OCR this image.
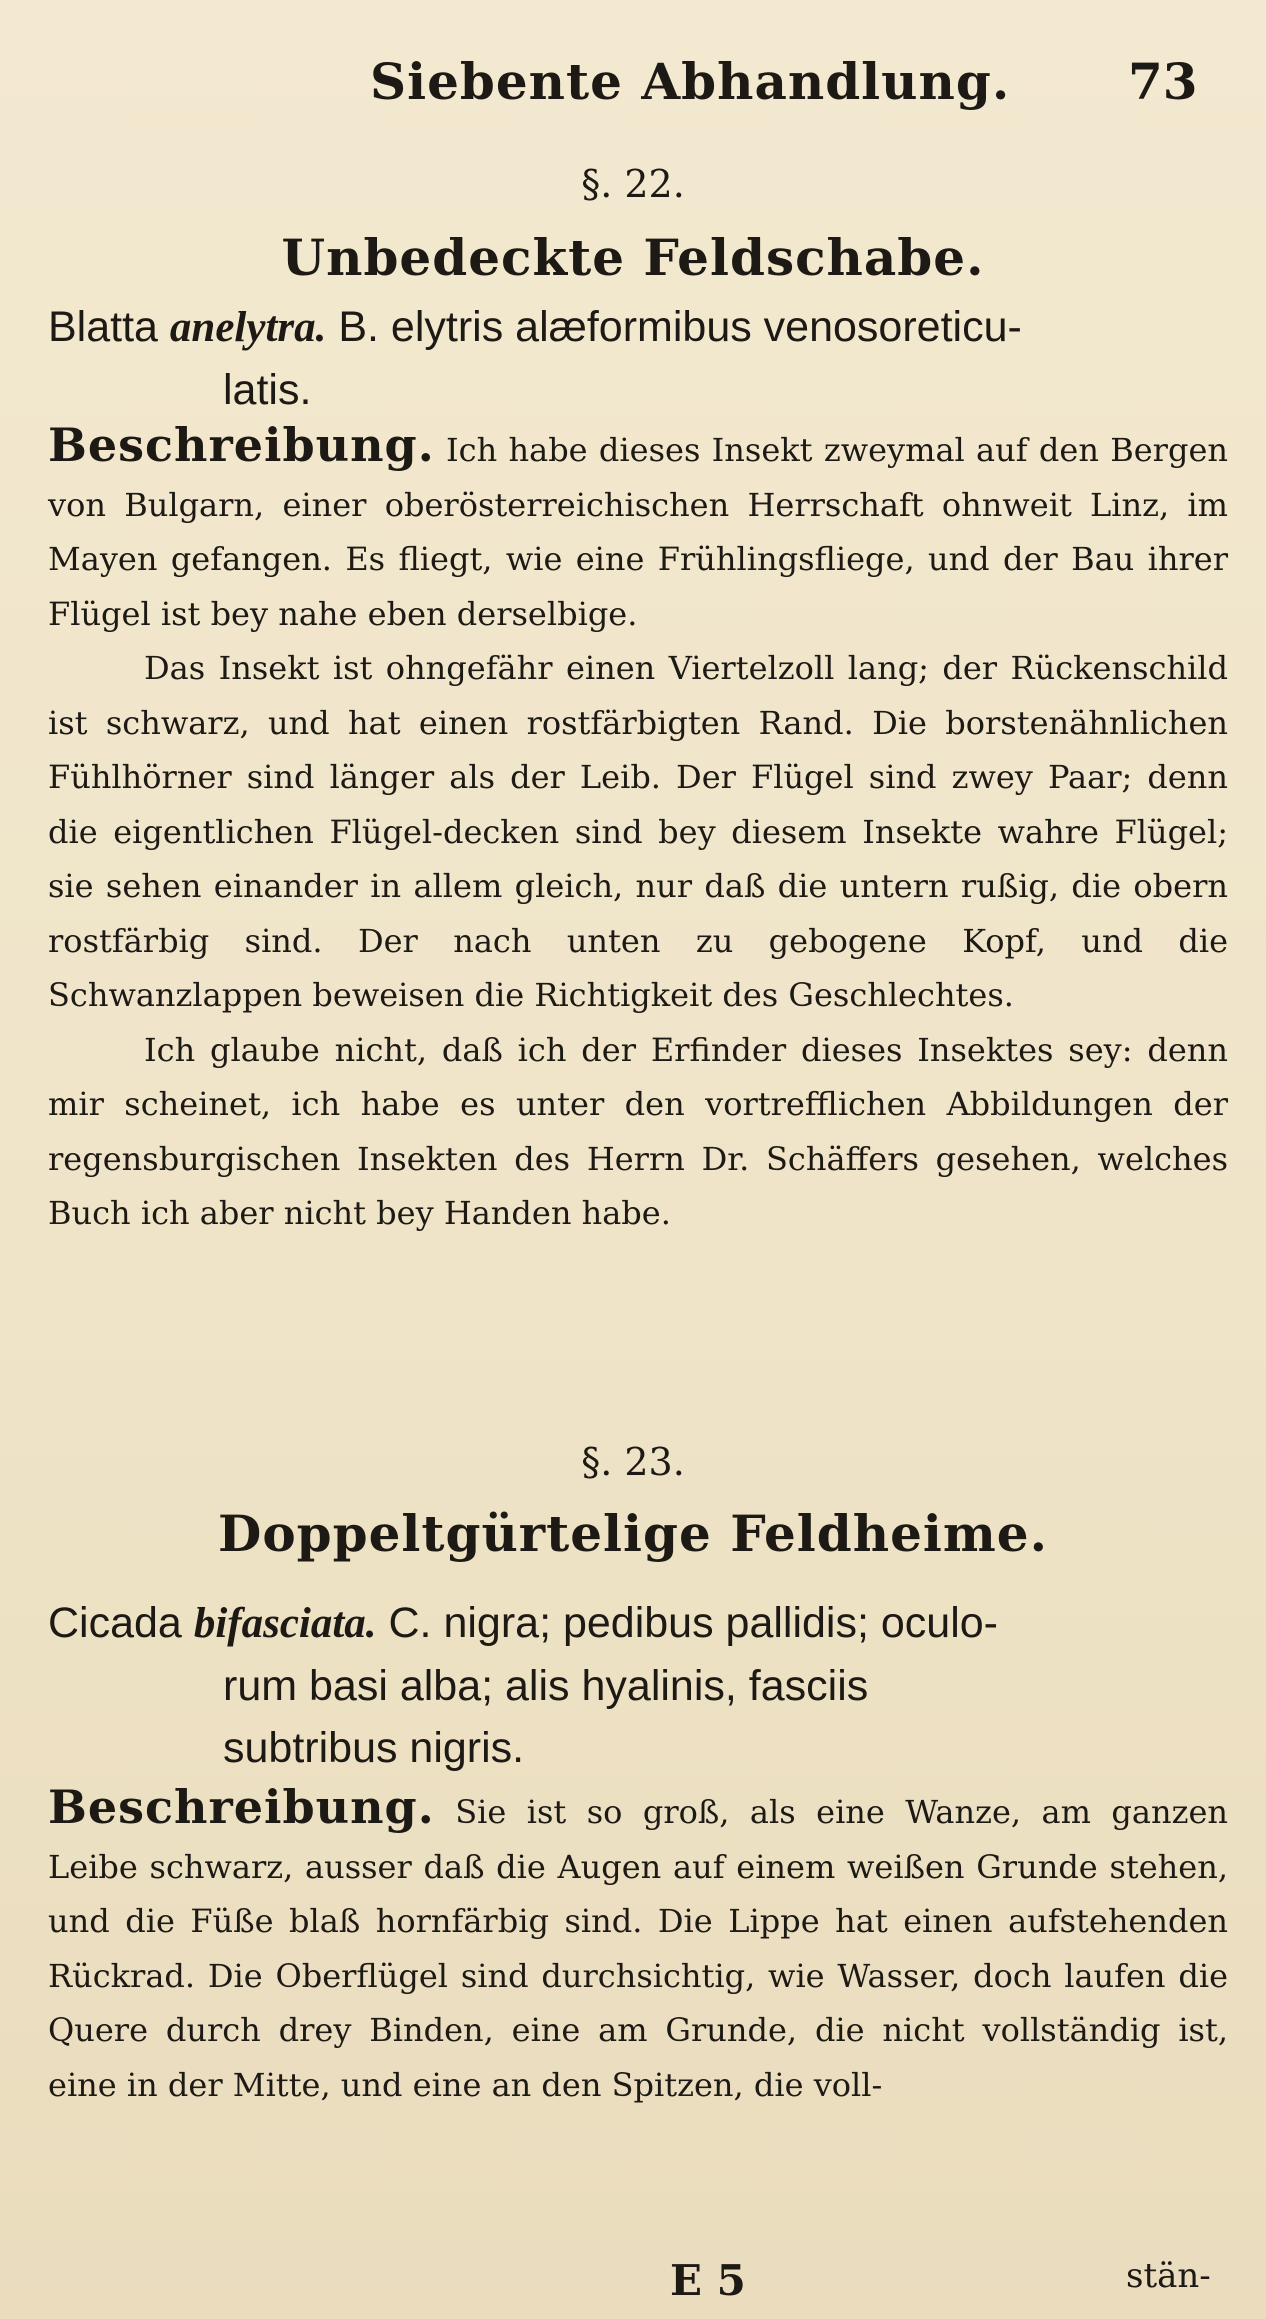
Siebente Abhandlung. 73
§. 22.
Unbedeckte Feldschabe.
Blatta anelytra. B. elytris alæformibus venosoreticu-
latis.

Beschreibung. Ich habe dieses Insekt zweymal auf den Bergen von Bulgarn, einer oberösterreichischen Herrschaft ohnweit Linz, im Mayen gefangen. Es fliegt, wie eine Frühlingsfliege, und der Bau ihrer Flügel ist bey nahe eben derselbige.

Das Insekt ist ohngefähr einen Viertelzoll lang; der Rückenschild ist schwarz, und hat einen rostfärbigten Rand. Die borstenähnlichen Fühlhörner sind länger als der Leib. Der Flügel sind zwey Paar; denn die eigentlichen Flügel-decken sind bey diesem Insekte wahre Flügel; sie sehen einander in allem gleich, nur daß die untern rußig, die obern rostfärbig sind. Der nach unten zu gebogene Kopf, und die Schwanzlappen beweisen die Richtigkeit des Geschlechtes.

Ich glaube nicht, daß ich der Erfinder dieses Insektes sey: denn mir scheinet, ich habe es unter den vortrefflichen Abbildungen der regensburgischen Insekten des Herrn Dr. Schäffers gesehen, welches Buch ich aber nicht bey Handen habe.

§. 23.
Doppeltgürtelige Feldheime.
Cicada bifasciata. C. nigra; pedibus pallidis; oculo-
rum basi alba; alis hyalinis, fasciis
subtribus nigris.

Beschreibung. Sie ist so groß, als eine Wanze, am ganzen Leibe schwarz, ausser daß die Augen auf einem weißen Grunde stehen, und die Füße blaß hornfärbig sind. Die Lippe hat einen aufstehenden Rückrad. Die Oberflügel sind durchsichtig, wie Wasser, doch laufen die Quere durch drey Binden, eine am Grunde, die nicht vollständig ist, eine in der Mitte, und eine an den Spitzen, die voll-

E 5	stän-
